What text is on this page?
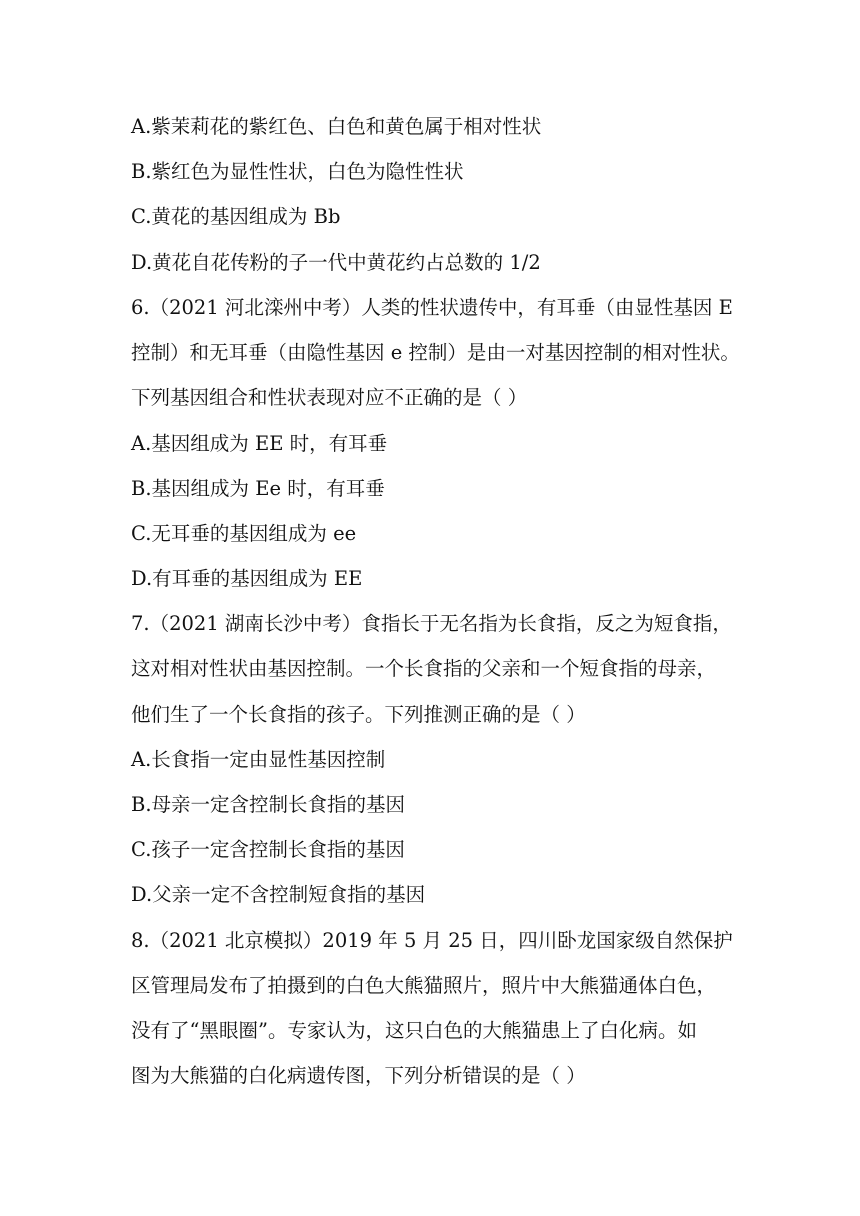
A.紫茉莉花的紫红色、白色和黄色属于相对性状
B.紫红色为显性性状，白色为隐性性状
C.黄花的基因组成为 Bb
D.黄花自花传粉的子一代中黄花约占总数的 1/2
6.（2021 河北滦州中考）人类的性状遗传中，有耳垂（由显性基因 E
控制）和无耳垂（由隐性基因 e 控制）是由一对基因控制的相对性状。
下列基因组合和性状表现对应不正确的是（ ）
A.基因组成为 EE 时，有耳垂
B.基因组成为 Ee 时，有耳垂
C.无耳垂的基因组成为 ee
D.有耳垂的基因组成为 EE
7.（2021 湖南长沙中考）食指长于无名指为长食指，反之为短食指，
这对相对性状由基因控制。一个长食指的父亲和一个短食指的母亲，
他们生了一个长食指的孩子。下列推测正确的是（ ）
A.长食指一定由显性基因控制
B.母亲一定含控制长食指的基因
C.孩子一定含控制长食指的基因
D.父亲一定不含控制短食指的基因
8.（2021 北京模拟）2019 年 5 月 25 日，四川卧龙国家级自然保护
区管理局发布了拍摄到的白色大熊猫照片，照片中大熊猫通体白色，
没有了“黑眼圈”。专家认为，这只白色的大熊猫患上了白化病。如
图为大熊猫的白化病遗传图，下列分析错误的是（ ）
